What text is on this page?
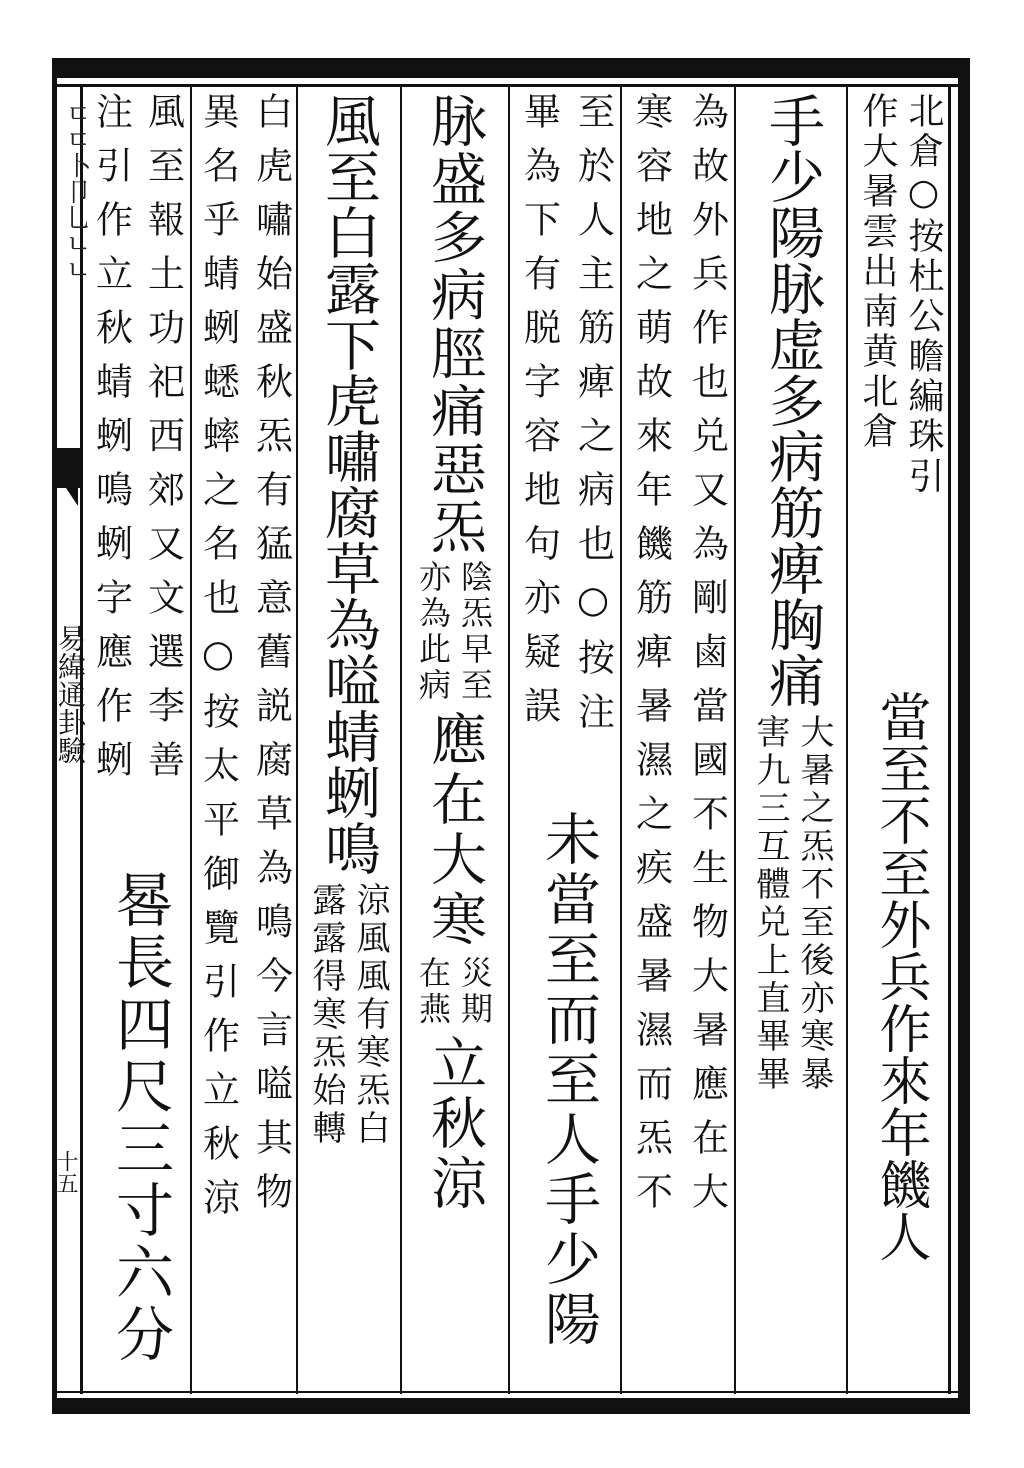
ㄷㄷ卜卩乚ㄴㄴ
易緯通卦驗
十五
北倉○按杜公瞻編珠引
作大暑雲出南黄北倉
當至不至外兵作來年饑人
手少陽脉虚多病筋痺胸痛
大暑之炁不至後亦寒暴
害九三互體兑上直畢畢
為故外兵作也兑又為剛鹵當國不生物大暑應在大
寒容地之萌故來年饑筋痺暑濕之疾盛暑濕而炁不
至於人主筋痺之病也○按注
未當至而至人手少陽
畢為下有脱字容地句亦疑誤
脉盛多病脛痛惡炁
陰炁早至
亦為此病
應在大寒
災期
在燕
立秋涼
風至白露下虎嘯腐草為嗌蜻蛚鳴
涼風風有寒炁白
露露得寒炁始轉
白虎嘯始盛秋炁有猛意舊説腐草為鳴今言嗌其物
異名乎蜻蛚蟋蟀之名也○按太平御覽引作立秋涼
風至報土功祀西郊又文選李善
注引作立秋蜻蛚鳴蛚字應作蛚
晷長四尺三寸六分
